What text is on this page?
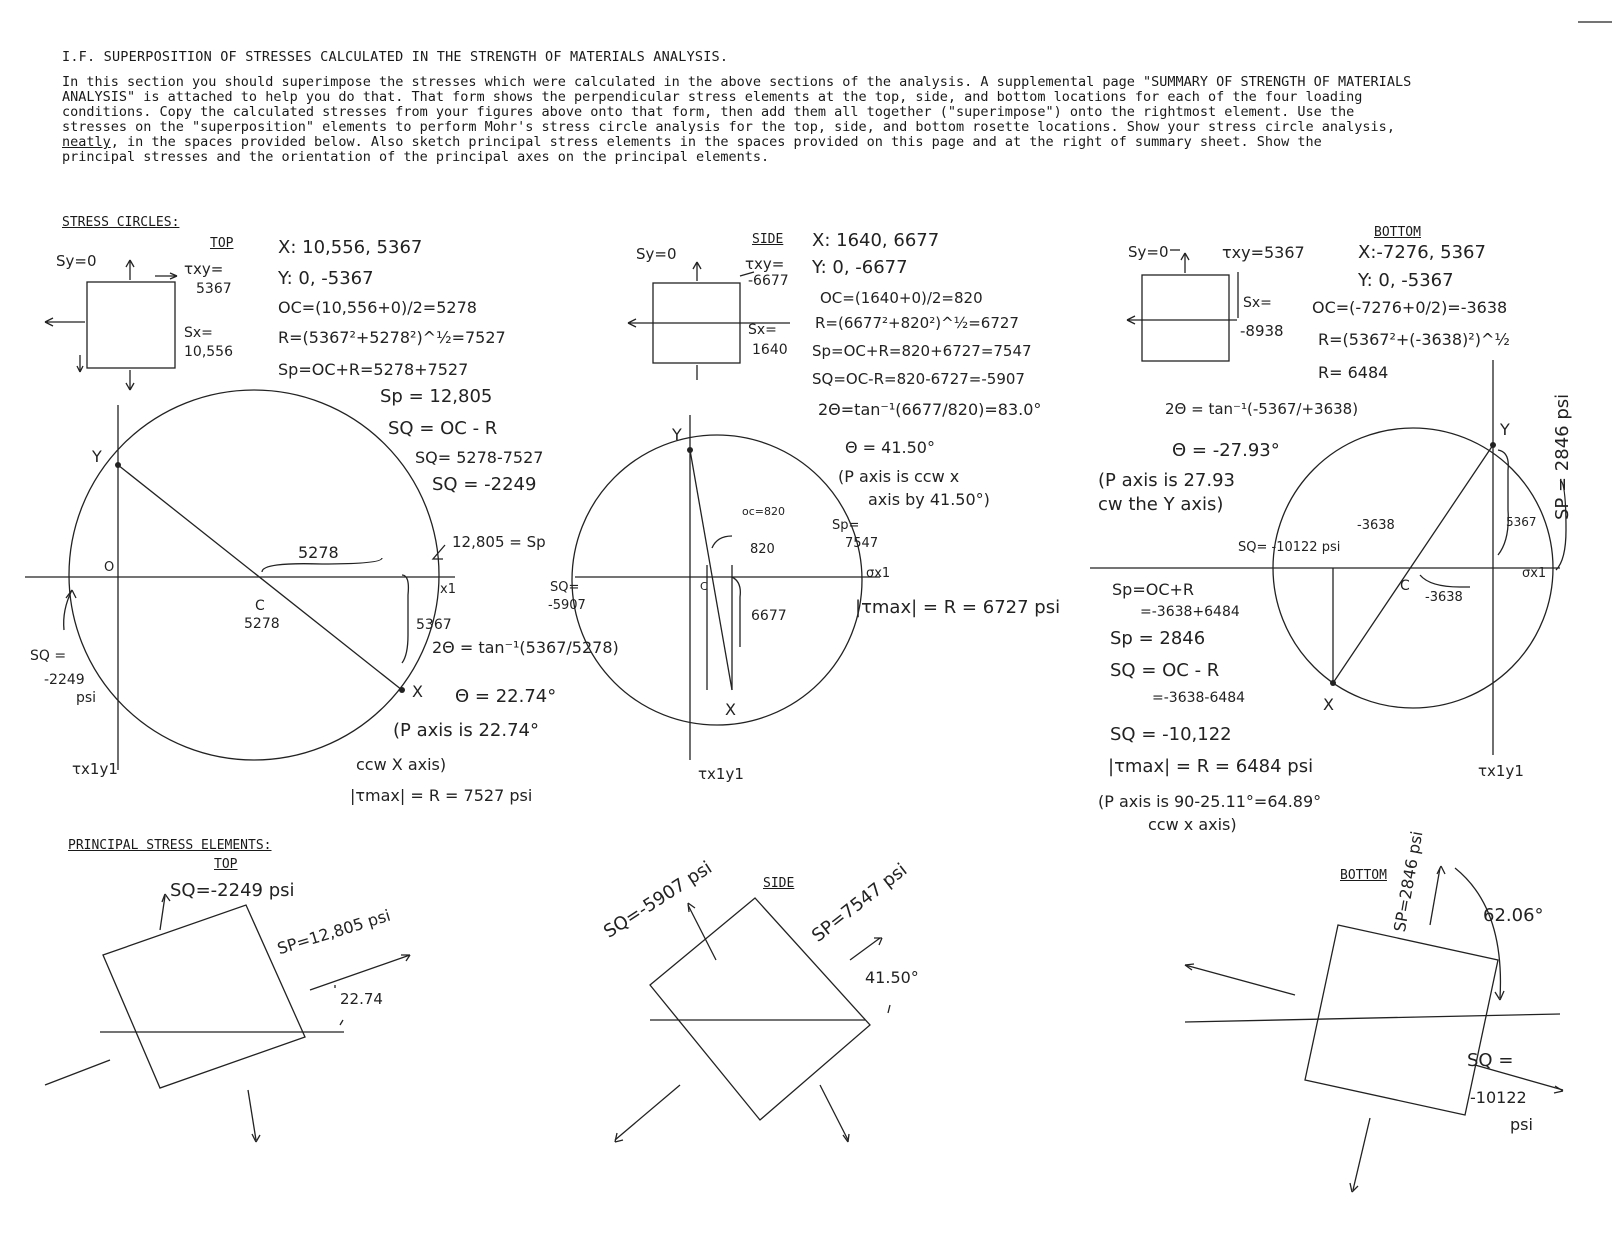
I.F. SUPERPOSITION OF STRESSES CALCULATED IN THE STRENGTH OF MATERIALS ANALYSIS.
In this section you should superimpose the stresses which were calculated in the above sections of the analysis. A supplemental page "SUMMARY OF STRENGTH OF MATERIALS
ANALYSIS" is attached to help you do that. That form shows the perpendicular stress elements at the top, side, and bottom locations for each of the four loading
conditions. Copy the calculated stresses from your figures above onto that form, then add them all together ("superimpose") onto the rightmost element. Use the
stresses on the "superposition" elements to perform Mohr's stress circle analysis for the top, side, and bottom rosette locations. Show your stress circle analysis,
neatly, in the spaces provided below. Also sketch principal stress elements in the spaces provided on this page and at the right of summary sheet. Show the
principal stresses and the orientation of the principal axes on the principal elements.
STRESS CIRCLES:
PRINCIPAL STRESS ELEMENTS:
TOP
Sy=0	τxy=
5367
Sx=
10,556
X: 10,556, 5367
Y: 0, -5367
OC=(10,556+0)/2=5278
R=(5367²+5278²)^½=7527
Sp=OC+R=5278+7527
Sp = 12,805
SQ = OC - R
SQ= 5278-7527
SQ = -2249
Y
O
C
5278
X
x1
5278
5367
12,805 = Sp
SQ =
-2249
psi
τx1y1
2Θ = tan⁻¹(5367/5278)
Θ = 22.74°
(P axis is 22.74°
ccw X axis)
|τmax| = R = 7527 psi
SIDE
Sy=0
τxy=
-6677
Sx=
1640
X: 1640, 6677
Y: 0, -6677
OC=(1640+0)/2=820
R=(6677²+820²)^½=6727
Sp=OC+R=820+6727=7547
SQ=OC-R=820-6727=-5907
2Θ=tan⁻¹(6677/820)=83.0°
Θ = 41.50°
(P axis is ccw x
axis by 41.50°)
Y
C
X
σx1
oc=820
820
6677
Sp=
7547
SQ=
-5907
τx1y1
|τmax| = R = 6727 psi
BOTTOM
Sy=0	τxy=5367
Sx=
-8938
X:-7276, 5367
Y: 0, -5367
OC=(-7276+0/2)=-3638
R=(5367²+(-3638)²)^½
R= 6484
2Θ = tan⁻¹(-5367/+3638)
Θ = -27.93°
(P axis is 27.93
cw the Y axis)
Sp=OC+R
=-3638+6484
Sp = 2846
SQ = OC - R
=-3638-6484
SQ = -10,122
|τmax| = R = 6484 psi
(P axis is 90-25.11°=64.89°
ccw x axis)
Y
C
X
σx1
SQ= -10122 psi
-3638	5367
-3638
SP = 2846 psi
τx1y1
TOP
SQ=-2249 psi
SP=12,805 psi
22.74
SIDE
SQ=-5907 psi	SP=7547 psi
41.50°
BOTTOM SP=2846 psi	62.06°
SQ =
-10122
psi
